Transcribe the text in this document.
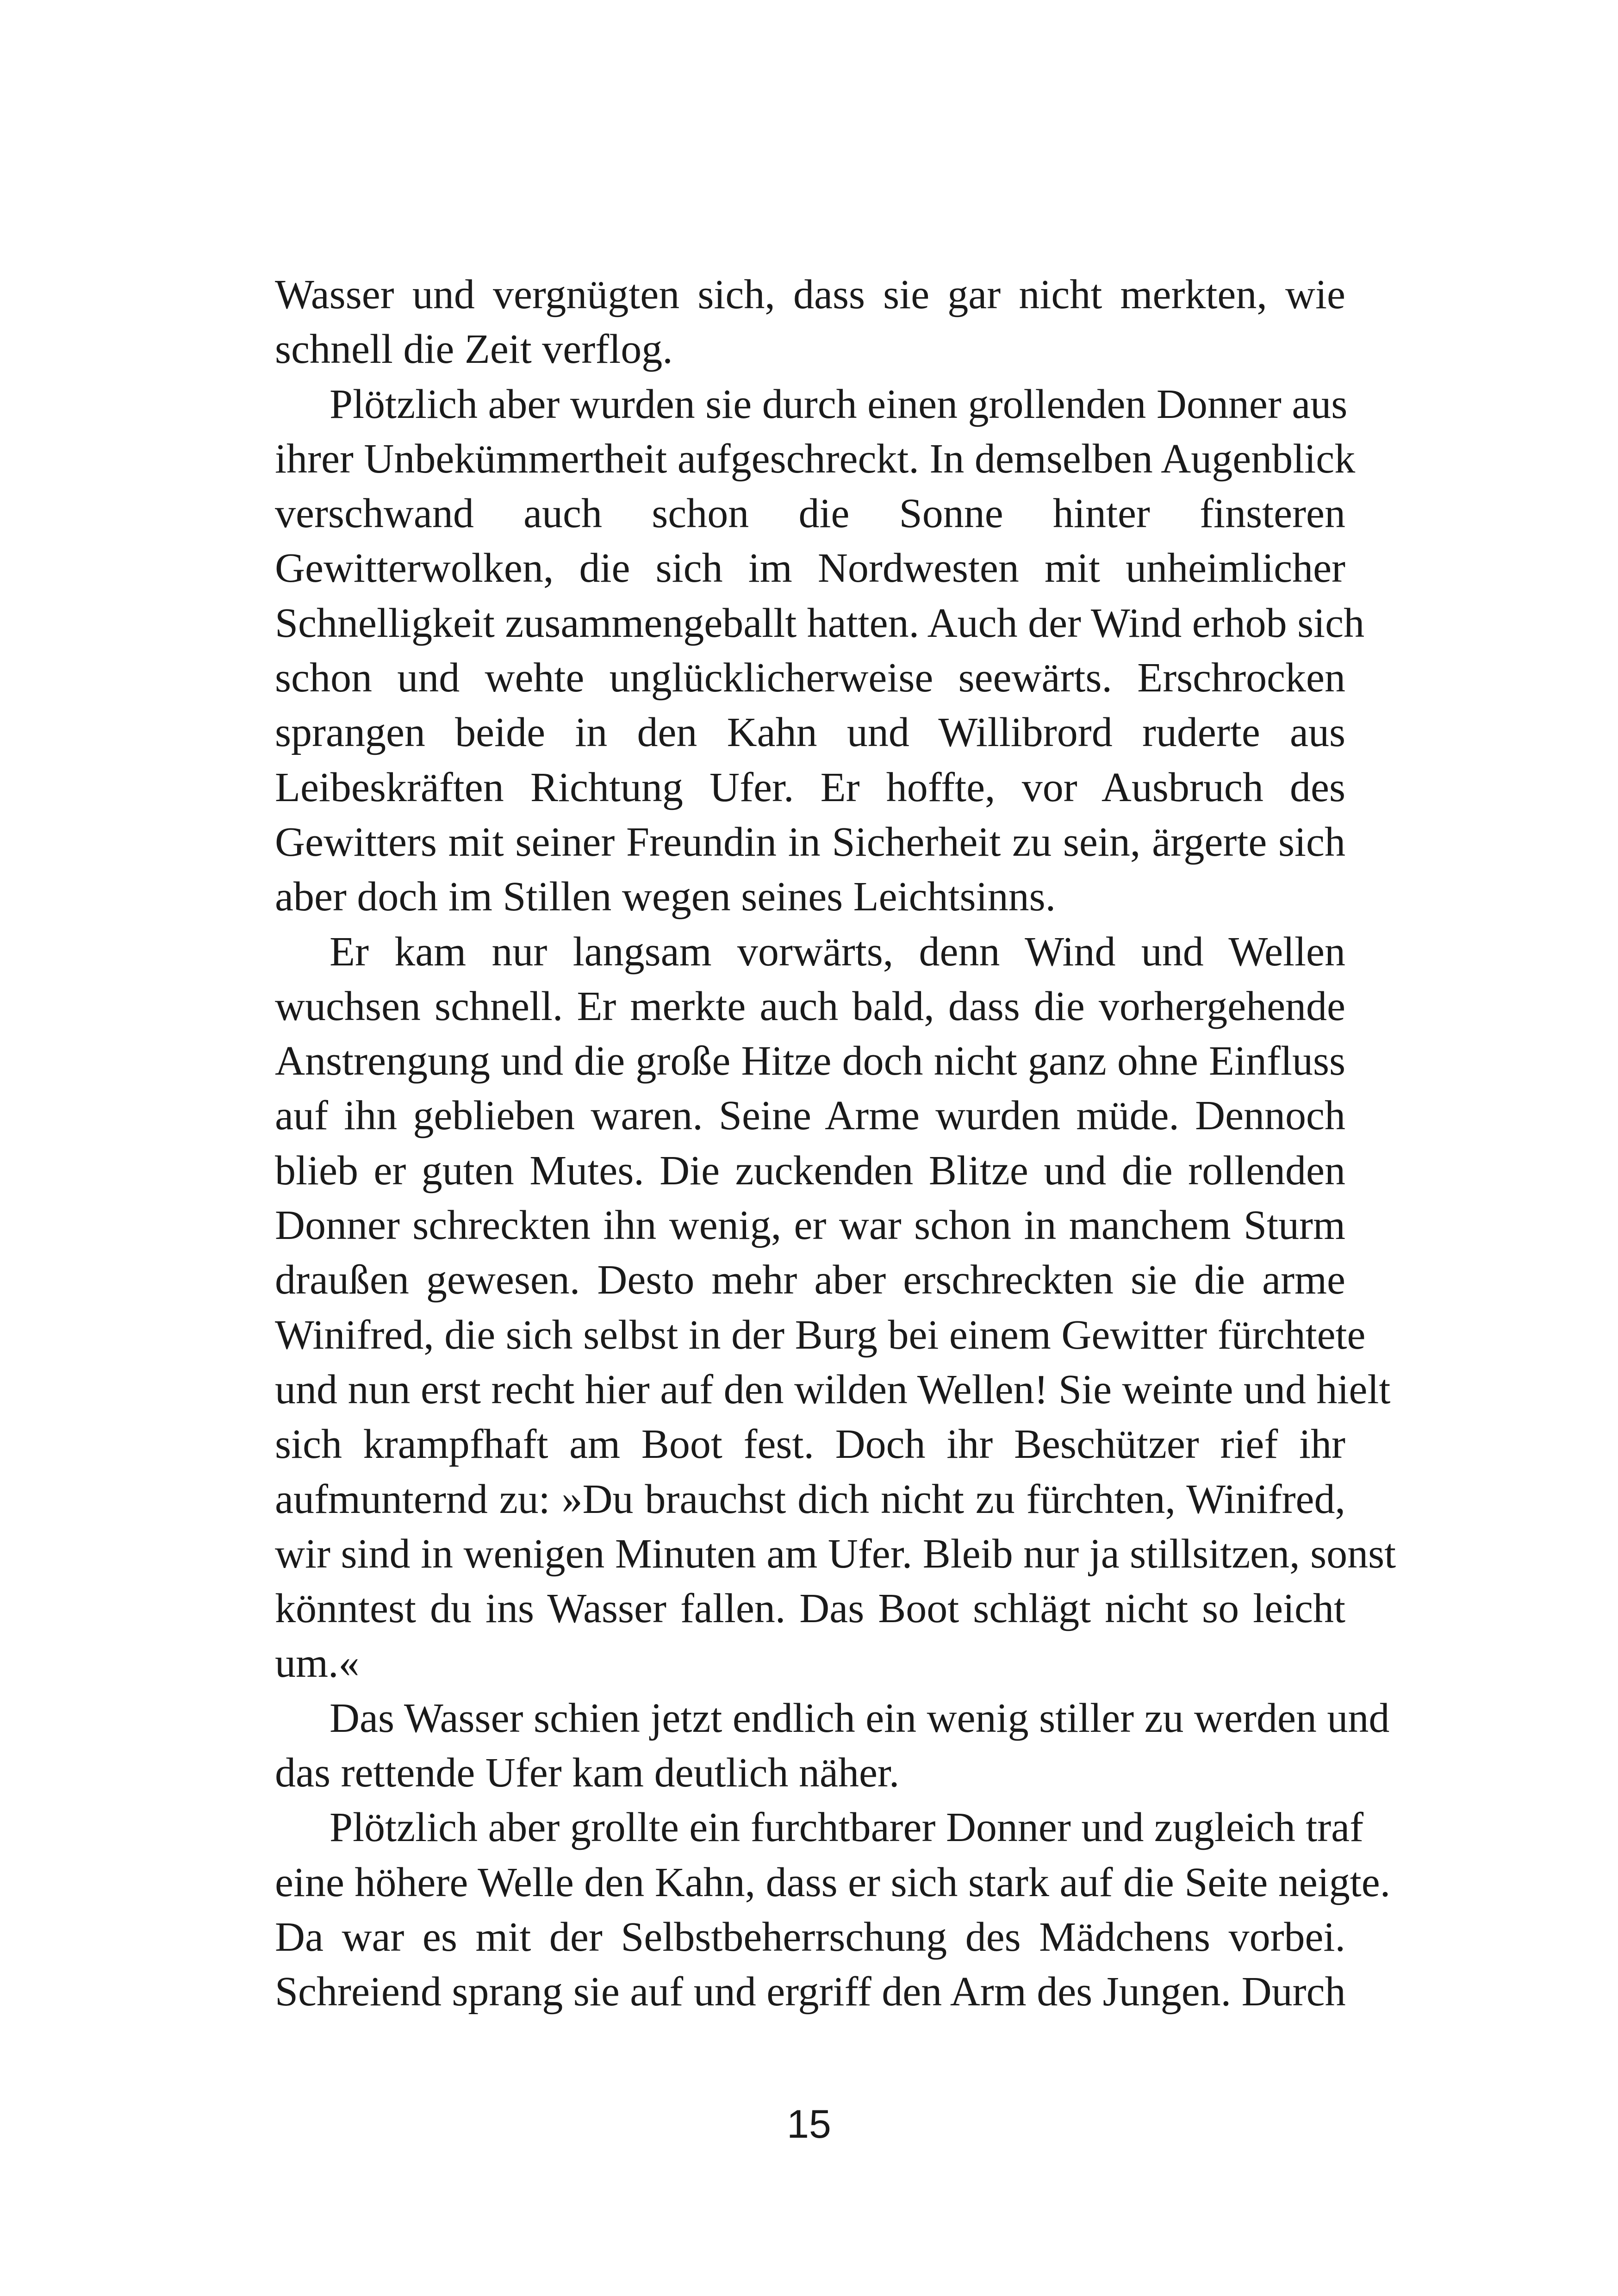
Wasser und vergnügten sich, dass sie gar nicht merkten, wie
schnell die Zeit verflog.
Plötzlich aber wurden sie durch einen grollenden Donner aus
ihrer Unbekümmertheit aufgeschreckt. In demselben Augenblick
verschwand auch schon die Sonne hinter finsteren
Gewitterwolken, die sich im Nordwesten mit unheimlicher
Schnelligkeit zusammengeballt hatten. Auch der Wind erhob sich
schon und wehte unglücklicherweise seewärts. Erschrocken
sprangen beide in den Kahn und Willibrord ruderte aus
Leibeskräften Richtung Ufer. Er hoffte, vor Ausbruch des
Gewitters mit seiner Freundin in Sicherheit zu sein, ärgerte sich
aber doch im Stillen wegen seines Leichtsinns.
Er kam nur langsam vorwärts, denn Wind und Wellen
wuchsen schnell. Er merkte auch bald, dass die vorhergehende
Anstrengung und die große Hitze doch nicht ganz ohne Einfluss
auf ihn geblieben waren. Seine Arme wurden müde. Dennoch
blieb er guten Mutes. Die zuckenden Blitze und die rollenden
Donner schreckten ihn wenig, er war schon in manchem Sturm
draußen gewesen. Desto mehr aber erschreckten sie die arme
Winifred, die sich selbst in der Burg bei einem Gewitter fürchtete
und nun erst recht hier auf den wilden Wellen! Sie weinte und hielt
sich krampfhaft am Boot fest. Doch ihr Beschützer rief ihr
aufmunternd zu: »Du brauchst dich nicht zu fürchten, Winifred,
wir sind in wenigen Minuten am Ufer. Bleib nur ja stillsitzen, sonst
könntest du ins Wasser fallen. Das Boot schlägt nicht so leicht
um.«
Das Wasser schien jetzt endlich ein wenig stiller zu werden und
das rettende Ufer kam deutlich näher.
Plötzlich aber grollte ein furchtbarer Donner und zugleich traf
eine höhere Welle den Kahn, dass er sich stark auf die Seite neigte.
Da war es mit der Selbstbeherrschung des Mädchens vorbei.
Schreiend sprang sie auf und ergriff den Arm des Jungen. Durch
15
